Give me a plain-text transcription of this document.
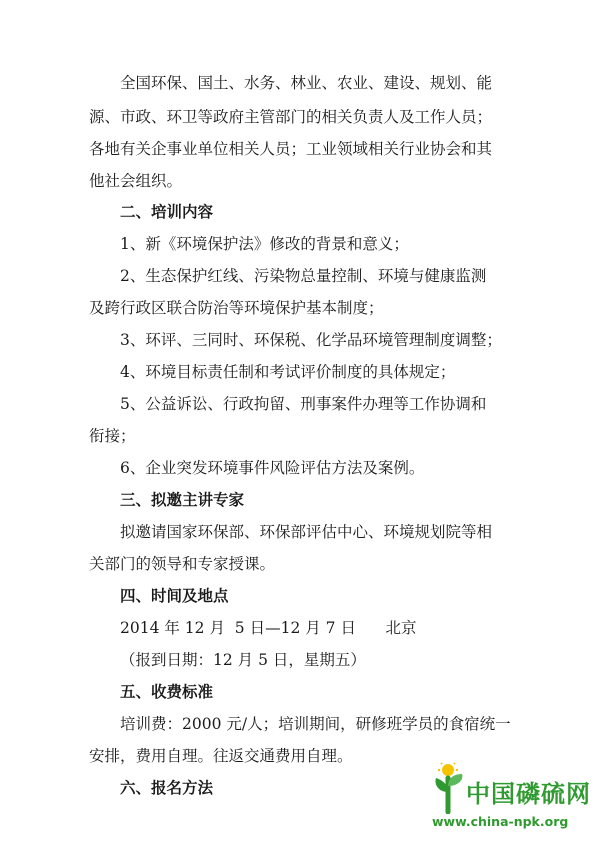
全国环保、国土、水务、林业、农业、建设、规划、能
源、市政、环卫等政府主管部门的相关负责人及工作人员；
各地有关企事业单位相关人员；工业领域相关行业协会和其
他社会组织。
二、培训内容
1、新《环境保护法》修改的背景和意义；
2、生态保护红线、污染物总量控制、环境与健康监测
及跨行政区联合防治等环境保护基本制度；
3、环评、三同时、环保税、化学品环境管理制度调整；
4、环境目标责任制和考试评价制度的具体规定；
5、公益诉讼、行政拘留、刑事案件办理等工作协调和
衔接；
6、企业突发环境事件风险评估方法及案例。
三、拟邀主讲专家
拟邀请国家环保部、环保部评估中心、环境规划院等相
关部门的领导和专家授课。
四、时间及地点
2014 年 12 月  5 日—12 月 7 日      北京
（报到日期：12 月 5 日，星期五）
五、收费标准
培训费：2000 元/人；培训期间，研修班学员的食宿统一
安排，费用自理。往返交通费用自理。
六、报名方法	中国磷硫网
www.china-npk.org
